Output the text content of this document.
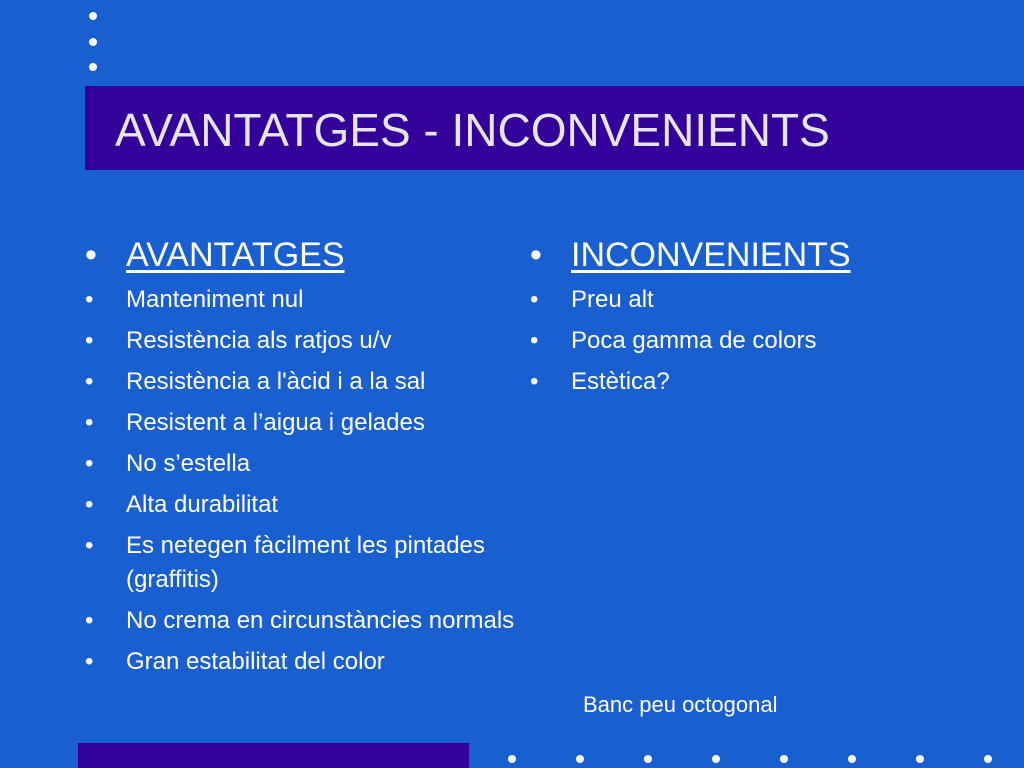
AVANTATGES - INCONVENIENTS
• AVANTATGES
•	Manteniment nul
•	Resistència als ratjos u/v
•	Resistència a l'àcid i a la sal
•	Resistent a l’aigua i gelades
•	No s’estella
•	Alta durabilitat
•	Es netegen fàcilment les pintades (graffitis)
•	No crema en circunstàncies normals
•	Gran estabilitat del color
• INCONVENIENTS
•	Preu alt
•	Poca gamma de colors
•	Estètica?
Banc peu octogonal
